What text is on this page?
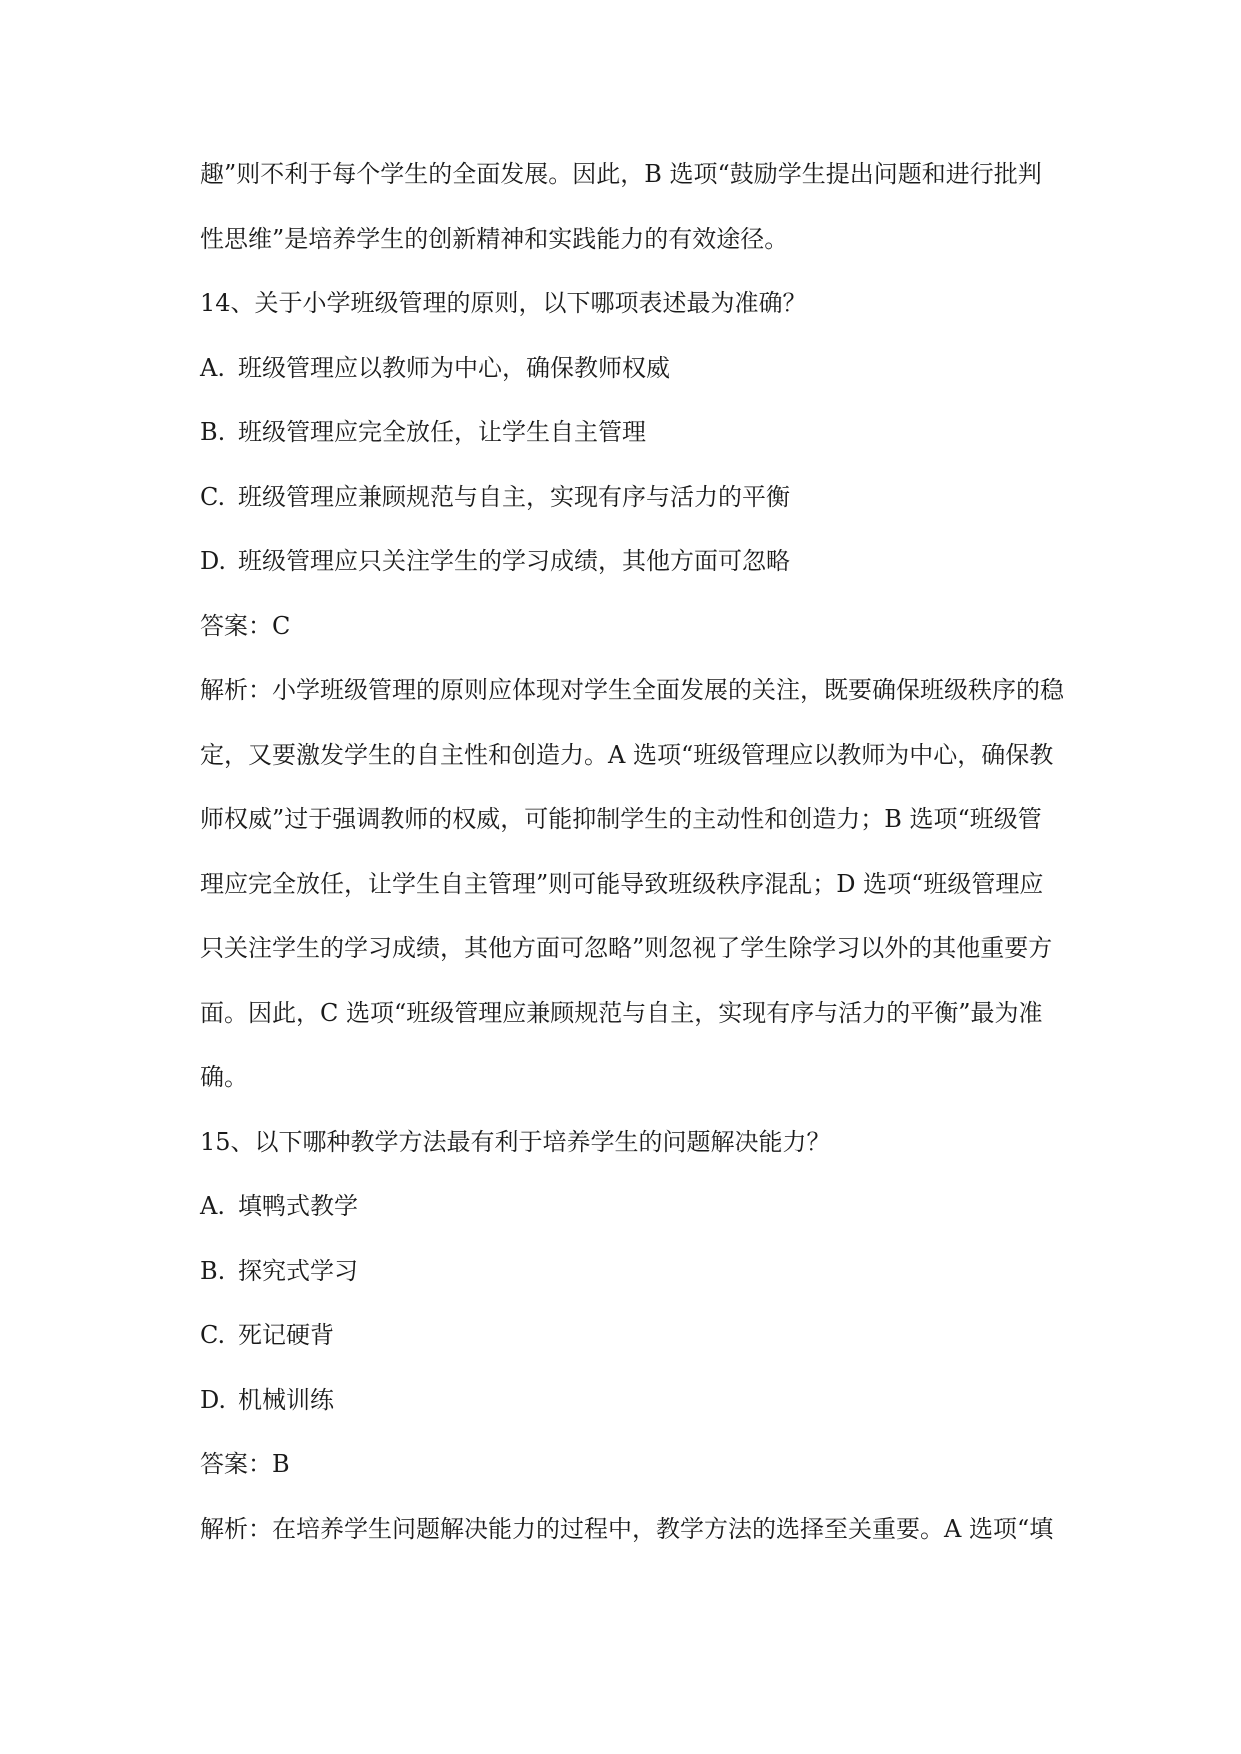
趣”则不利于每个学生的全面发展。因此，B 选项“鼓励学生提出问题和进行批判
性思维”是培养学生的创新精神和实践能力的有效途径。
14、关于小学班级管理的原则，以下哪项表述最为准确？
A. 班级管理应以教师为中心，确保教师权威
B. 班级管理应完全放任，让学生自主管理
C. 班级管理应兼顾规范与自主，实现有序与活力的平衡
D. 班级管理应只关注学生的学习成绩，其他方面可忽略
答案：C
解析：小学班级管理的原则应体现对学生全面发展的关注，既要确保班级秩序的稳
定，又要激发学生的自主性和创造力。A 选项“班级管理应以教师为中心，确保教
师权威”过于强调教师的权威，可能抑制学生的主动性和创造力；B 选项“班级管
理应完全放任，让学生自主管理”则可能导致班级秩序混乱；D 选项“班级管理应
只关注学生的学习成绩，其他方面可忽略”则忽视了学生除学习以外的其他重要方
面。因此，C 选项“班级管理应兼顾规范与自主，实现有序与活力的平衡”最为准
确。
15、以下哪种教学方法最有利于培养学生的问题解决能力？
A. 填鸭式教学
B. 探究式学习
C. 死记硬背
D. 机械训练
答案：B
解析：在培养学生问题解决能力的过程中，教学方法的选择至关重要。A 选项“填
